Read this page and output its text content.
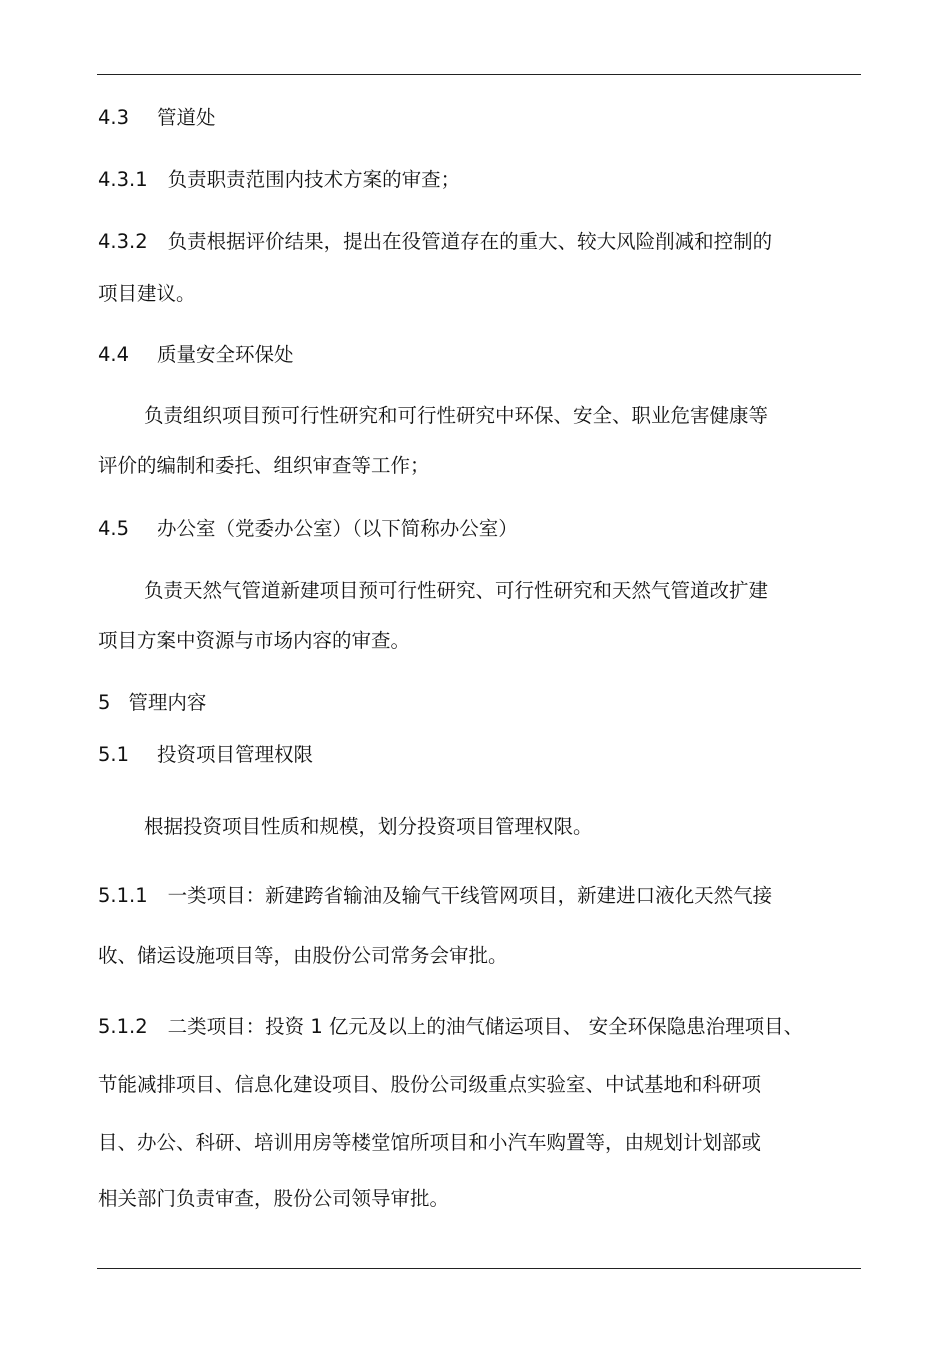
4.3 管道处
4.3.1 负责职责范围内技术方案的审查；
4.3.2 负责根据评价结果，提出在役管道存在的重大、较大风险削减和控制的
项目建议。
4.4 质量安全环保处
负责组织项目预可行性研究和可行性研究中环保、安全、职业危害健康等
评价的编制和委托、组织审查等工作；
4.5 办公室（党委办公室）（以下简称办公室）
负责天然气管道新建项目预可行性研究、可行性研究和天然气管道改扩建
项目方案中资源与市场内容的审查。
5 管理内容
5.1 投资项目管理权限
根据投资项目性质和规模，划分投资项目管理权限。
5.1.1 一类项目：新建跨省输油及输气干线管网项目，新建进口液化天然气接
收、储运设施项目等，由股份公司常务会审批。
5.1.2 二类项目：投资 1 亿元及以上的油气储运项目、 安全环保隐患治理项目、
节能减排项目、信息化建设项目、股份公司级重点实验室、中试基地和科研项
目、办公、科研、培训用房等楼堂馆所项目和小汽车购置等，由规划计划部或
相关部门负责审查，股份公司领导审批。
